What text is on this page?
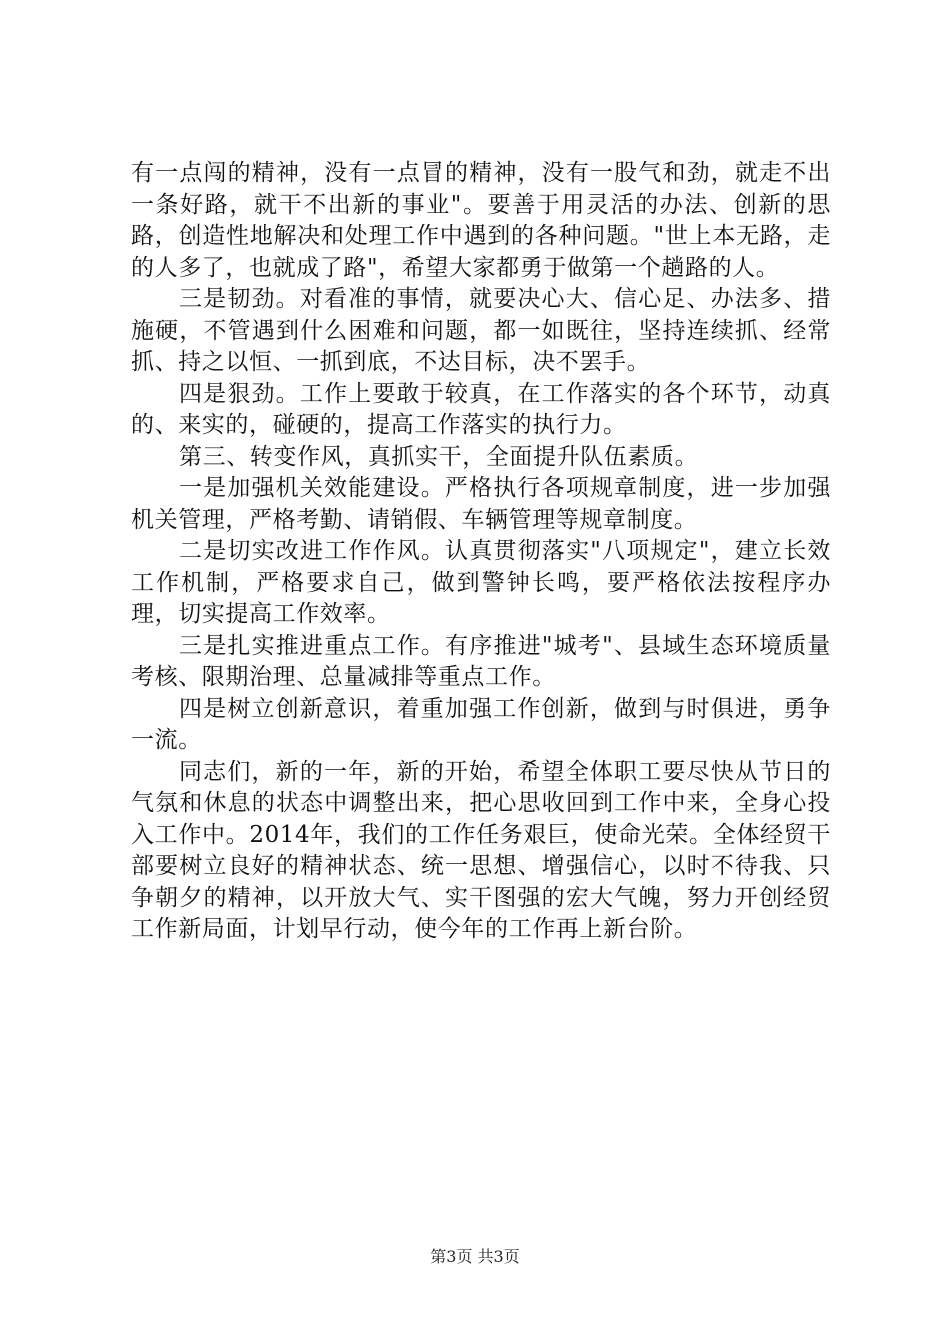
有一点闯的精神，没有一点冒的精神，没有一股气和劲，就走不出一条好路，就干不出新的事业"。要善于用灵活的办法、创新的思路，创造性地解决和处理工作中遇到的各种问题。"世上本无路，走的人多了，也就成了路"，希望大家都勇于做第一个趟路的人。

三是韧劲。对看准的事情，就要决心大、信心足、办法多、措施硬，不管遇到什么困难和问题，都一如既往，坚持连续抓、经常抓、持之以恒、一抓到底，不达目标，决不罢手。

四是狠劲。工作上要敢于较真，在工作落实的各个环节，动真的、来实的，碰硬的，提高工作落实的执行力。

第三、转变作风，真抓实干，全面提升队伍素质。

一是加强机关效能建设。严格执行各项规章制度，进一步加强机关管理，严格考勤、请销假、车辆管理等规章制度。

二是切实改进工作作风。认真贯彻落实"八项规定"，建立长效工作机制，严格要求自己，做到警钟长鸣，要严格依法按程序办理，切实提高工作效率。

三是扎实推进重点工作。有序推进"城考"、县域生态环境质量考核、限期治理、总量减排等重点工作。

四是树立创新意识，着重加强工作创新，做到与时俱进，勇争一流。

同志们，新的一年，新的开始，希望全体职工要尽快从节日的气氛和休息的状态中调整出来，把心思收回到工作中来，全身心投入工作中。2014年，我们的工作任务艰巨，使命光荣。全体经贸干部要树立良好的精神状态、统一思想、增强信心，以时不待我、只争朝夕的精神，以开放大气、实干图强的宏大气魄，努力开创经贸工作新局面，计划早行动，使今年的工作再上新台阶。

第3页 共3页
